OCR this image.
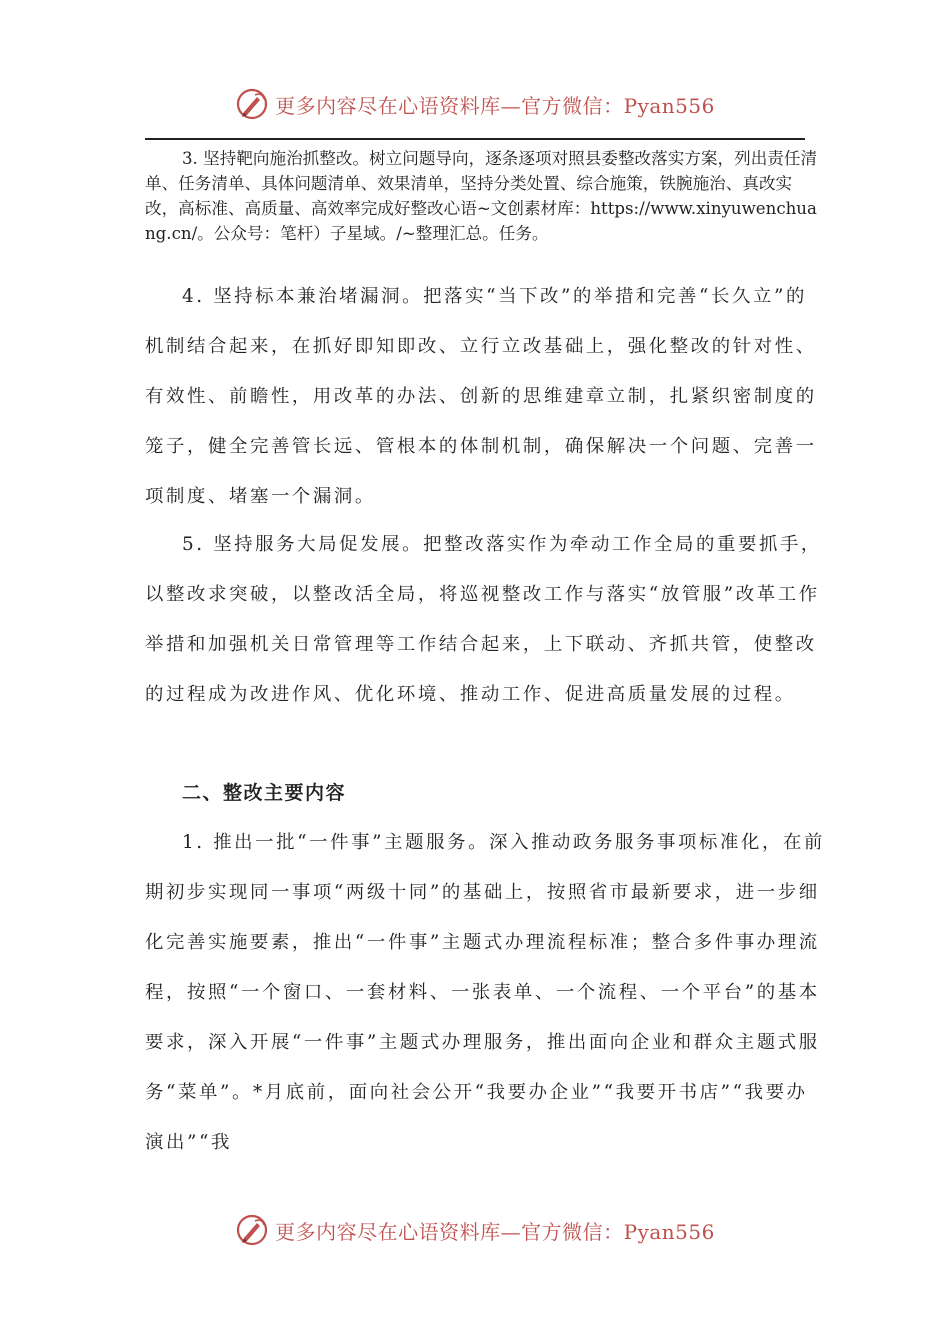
更多内容尽在心语资料库—官方微信：Pyan556

3. 坚持靶向施治抓整改。树立问题导向，逐条逐项对照县委整改落实方案，列出责任清单、任务清单、具体问题清单、效果清单，坚持分类处置、综合施策，铁腕施治、真改实改，高标准、高质量、高效率完成好整改心语~文创素材库：https://www.xinyuwenchuang.cn/。公众号：笔杆）子星域。/~整理汇总。任务。

4. 坚持标本兼治堵漏洞。把落实“当下改”的举措和完善“长久立”的机制结合起来，在抓好即知即改、立行立改基础上，强化整改的针对性、有效性、前瞻性，用改革的办法、创新的思维建章立制，扎紧织密制度的笼子，健全完善管长远、管根本的体制机制，确保解决一个问题、完善一项制度、堵塞一个漏洞。

5. 坚持服务大局促发展。把整改落实作为牵动工作全局的重要抓手，以整改求突破，以整改活全局，将巡视整改工作与落实“放管服”改革工作举措和加强机关日常管理等工作结合起来，上下联动、齐抓共管，使整改的过程成为改进作风、优化环境、推动工作、促进高质量发展的过程。

二、整改主要内容

1. 推出一批“一件事”主题服务。深入推动政务服务事项标准化，在前期初步实现同一事项“两级十同”的基础上，按照省市最新要求，进一步细化完善实施要素，推出“一件事”主题式办理流程标准；整合多件事办理流程，按照“一个窗口、一套材料、一张表单、一个流程、一个平台”的基本要求，深入开展“一件事”主题式办理服务，推出面向企业和群众主题式服务“菜单”。*月底前，面向社会公开“我要办企业”“我要开书店”“我要办演出”“我

更多内容尽在心语资料库—官方微信：Pyan556
